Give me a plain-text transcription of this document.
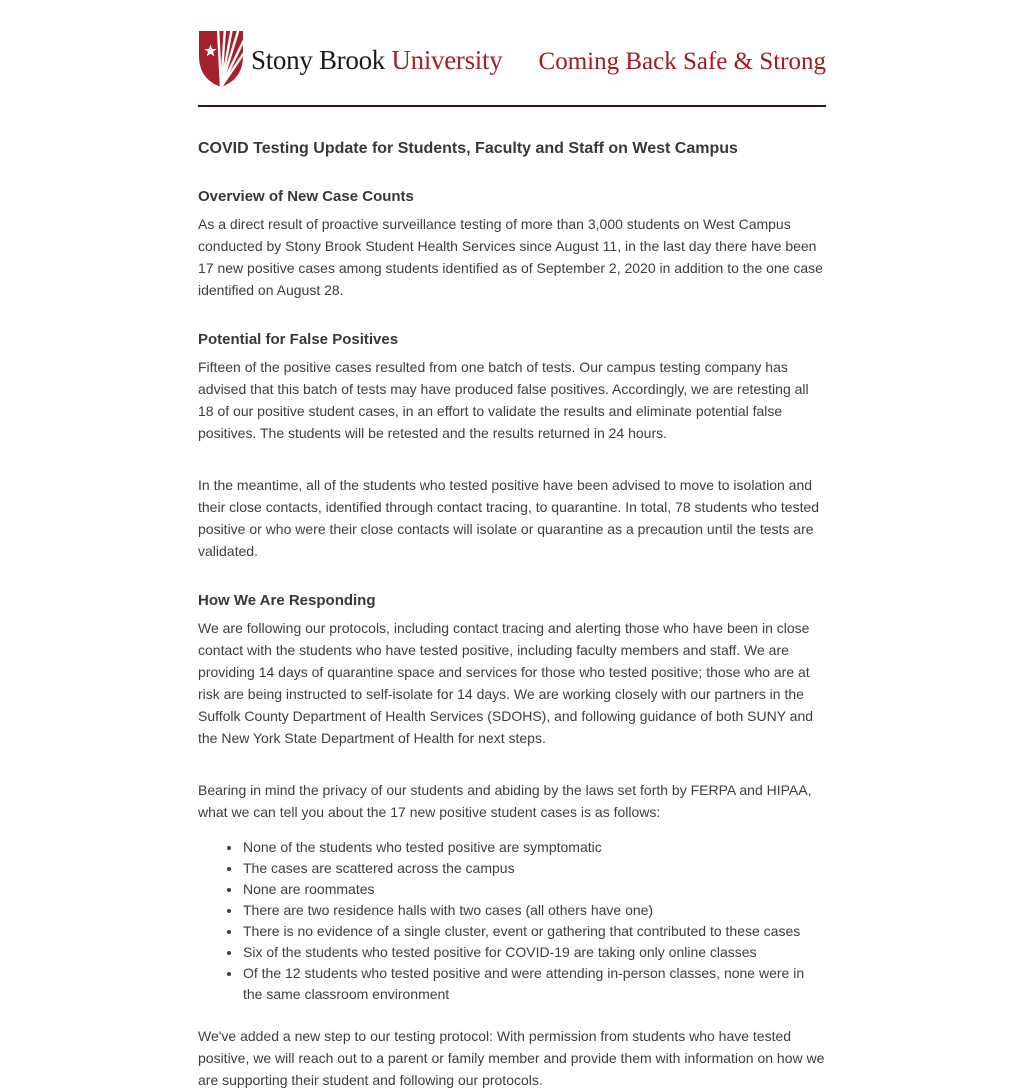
Stony Brook University Coming Back Safe & Strong
COVID Testing Update for Students, Faculty and Staff on West Campus
Overview of New Case Counts

As a direct result of proactive surveillance testing of more than 3,000 students on West Campus conducted by Stony Brook Student Health Services since August 11, in the last day there have been 17 new positive cases among students identified as of September 2, 2020 in addition to the one case identified on August 28.

Potential for False Positives

Fifteen of the positive cases resulted from one batch of tests. Our campus testing company has advised that this batch of tests may have produced false positives. Accordingly, we are retesting all 18 of our positive student cases, in an effort to validate the results and eliminate potential false positives. The students will be retested and the results returned in 24 hours.

In the meantime, all of the students who tested positive have been advised to move to isolation and their close contacts, identified through contact tracing, to quarantine. In total, 78 students who tested positive or who were their close contacts will isolate or quarantine as a precaution until the tests are validated.

How We Are Responding

We are following our protocols, including contact tracing and alerting those who have been in close contact with the students who have tested positive, including faculty members and staff. We are providing 14 days of quarantine space and services for those who tested positive; those who are at risk are being instructed to self-isolate for 14 days. We are working closely with our partners in the Suffolk County Department of Health Services (SDOHS), and following guidance of both SUNY and the New York State Department of Health for next steps.

Bearing in mind the privacy of our students and abiding by the laws set forth by FERPA and HIPAA, what we can tell you about the 17 new positive student cases is as follows:

• None of the students who tested positive are symptomatic
• The cases are scattered across the campus
• None are roommates
• There are two residence halls with two cases (all others have one)
• There is no evidence of a single cluster, event or gathering that contributed to these cases
• Six of the students who tested positive for COVID-19 are taking only online classes
• Of the 12 students who tested positive and were attending in-person classes, none were in the same classroom environment

We've added a new step to our testing protocol: With permission from students who have tested positive, we will reach out to a parent or family member and provide them with information on how we are supporting their student and following our protocols.
